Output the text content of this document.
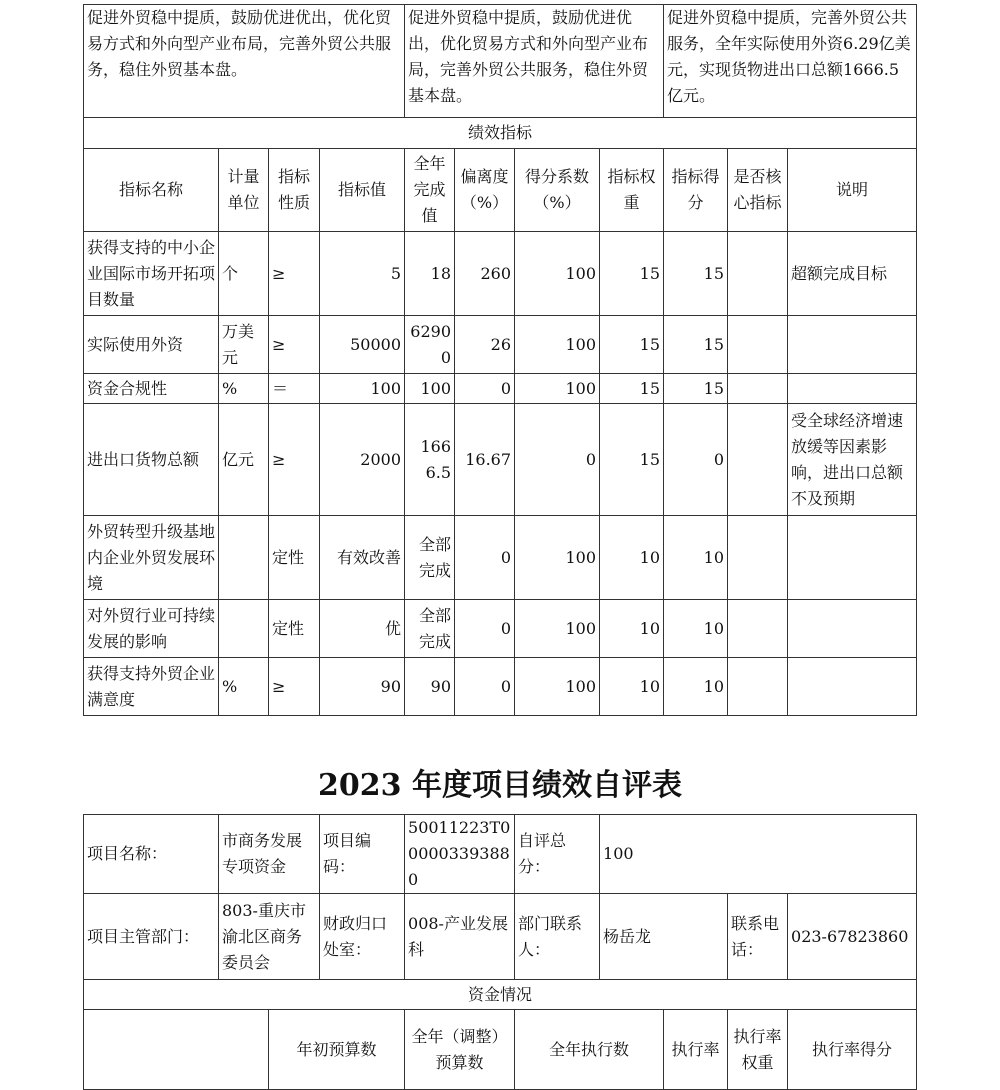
促进外贸稳中提质，鼓励优进优出，优化贸易方式和外向型产业布局，完善外贸公共服务，稳住外贸基本盘。				促进外贸稳中提质，鼓励优进优出，优化贸易方式和外向型产业布局，完善外贸公共服务，稳住外贸基本盘。				促进外贸稳中提质，完善外贸公共服务，全年实际使用外资6.29亿美元，实现货物进出口总额1666.5亿元。		
绩效指标										
指标名称	计量单位	指标性质	指标值	全年完成值	偏离度（%）	得分系数（%）	指标权重	指标得分	是否核心指标	说明
获得支持的中小企业国际市场开拓项目数量	个	≥	5	18	260	100	15	15		超额完成目标
实际使用外资	万美元	≥	50000	62900	26	100	15	15		
资金合规性	%	＝	100	100	0	100	15	15		
进出口货物总额	亿元	≥	2000	1666.5	16.67	0	15	0		受全球经济增速放缓等因素影响，进出口总额不及预期
外贸转型升级基地内企业外贸发展环境		定性	有效改善	全部完成	0	100	10	10		
对外贸行业可持续发展的影响		定性	优	全部完成	0	100	10	10		
获得支持外贸企业满意度	%	≥	90	90	0	100	10	10		
2023 年度项目绩效自评表
项目名称：	市商务发展专项资金		项目编码：	500112​23T000003393880	自评总分：	100			
项目主管部门：	803-重庆市渝北区商务委员会		财政归口处室：	008-产业发展科	部门联系人：	杨岳龙		联系电话：	023-67823860
资金情况									
		年初预算数		全年（调整）预算数	全年执行数		执行率	执行率权重	执行率得分
